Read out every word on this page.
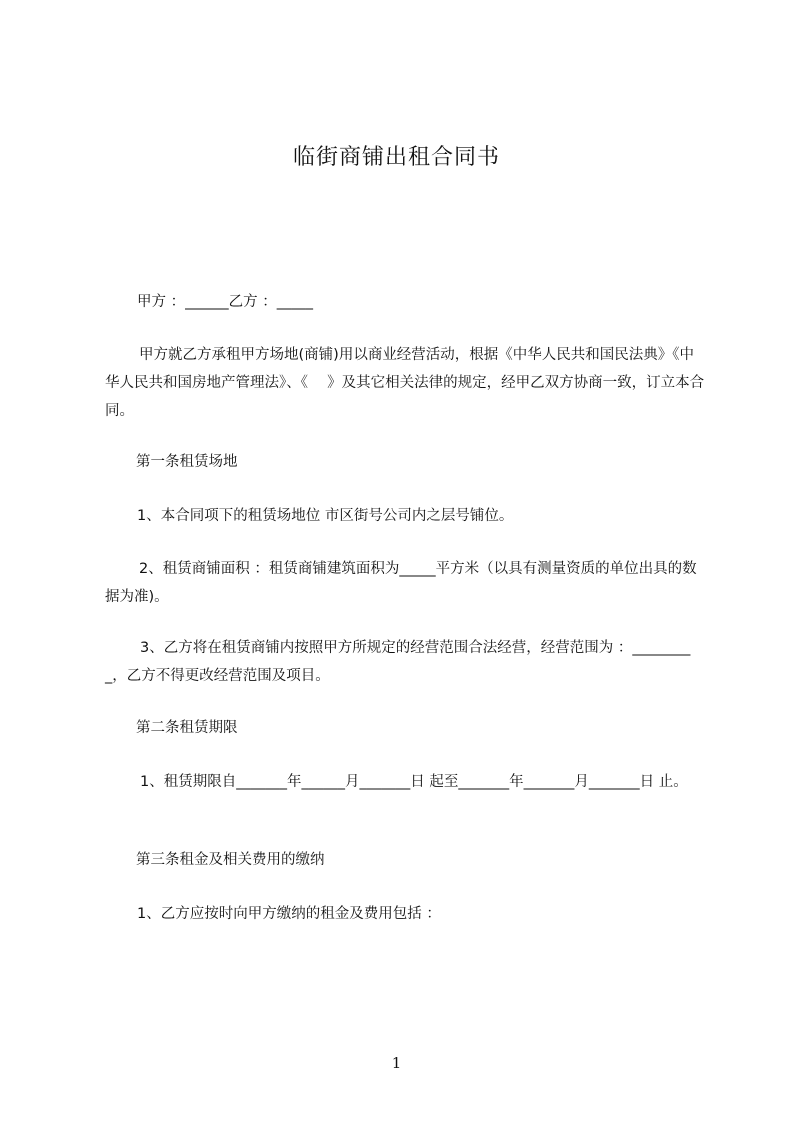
临街商铺出租合同书

甲方 ：______乙方 ：_____

甲方就乙方承租甲方场地(商铺)用以商业经营活动，根据《中华人民共和国民法典》《中华人民共和国房地产管理法》、《　 》及其它相关法律的规定，经甲乙双方协商一致，订立本合同。

第一条租赁场地

1、本合同项下的租赁场地位 市区街号公司内之层号铺位。

2、租赁商铺面积 ：租赁商铺建筑面积为_____平方米（以具有测量资质的单位出具的数据为准)。

3、乙方将在租赁商铺内按照甲方所规定的经营范围合法经营，经营范围为 ：_________，乙方不得更改经营范围及项目。

第二条租赁期限

1、租赁期限自_______年______月_______日 起至_______年_______月_______日 止。

第三条租金及相关费用的缴纳

1、乙方应按时向甲方缴纳的租金及费用包括 ：

1
